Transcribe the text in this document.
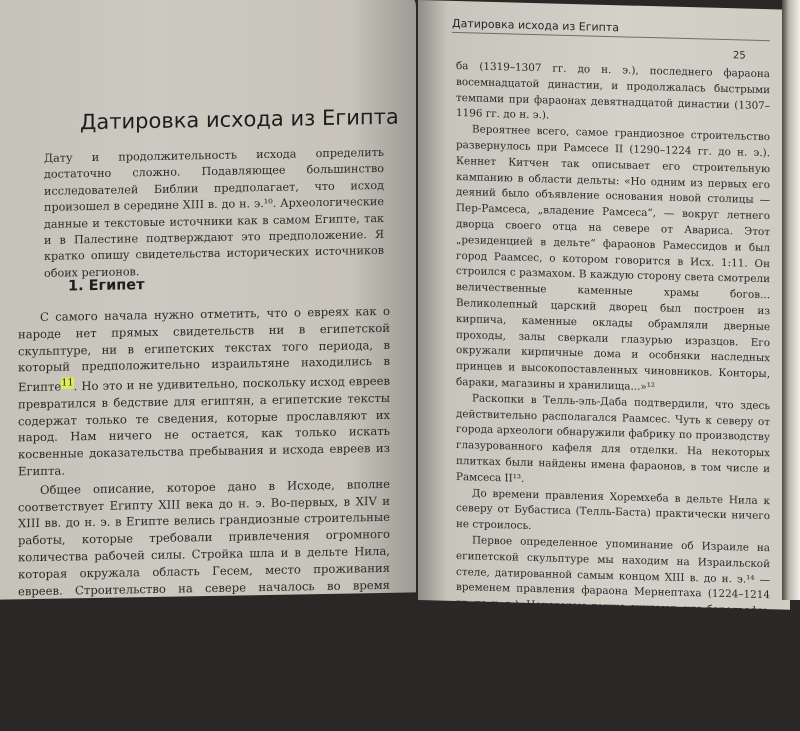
Датировка исхода из Египта

Дату и продолжительность исхода определить достаточно сложно. Подавляющее большинство исследователей Библии предполагает, что исход произошел в середине XIII в. до н. э.¹⁰. Археологические данные и текстовые источники как в самом Египте, так и в Палестине подтверждают это предположение. Я кратко опишу свидетельства исторических источников обоих регионов.

1. Египет

С самого начала нужно отметить, что о евреях как о народе нет прямых свидетельств ни в египетской скульптуре, ни в египетских текстах того периода, в который предположительно израильтяне находились в Египте$^{11}$. Но это и не удивительно, поскольку исход евреев превратился в бедствие для египтян, а египетские тексты содержат только те сведения, которые прославляют их народ. Нам ничего не остается, как только искать косвенные доказательства пребывания и исхода евреев из Египта.

Общее описание, которое дано в Исходе, вполне соответствует Египту XIII века до н. э. Во-первых, в XIV и XIII вв. до н. э. в Египте велись грандиозные строительные работы, которые требовали привлечения огромного количества рабочей силы. Стройка шла и в дельте Нила, которая окружала область Гесем, место проживания евреев. Строительство на севере началось во время правления Хоремхе-

Датировка исхода из Египта
25

ба (1319–1307 гг. до н. э.), последнего фараона восемнадцатой династии, и продолжалась быстрыми темпами при фараонах девятнадцатой династии (1307–1196 гг. до н. э.).

Вероятнее всего, самое грандиозное строительство развернулось при Рамсесе II (1290–1224 гг. до н. э.). Кеннет Китчен так описывает его строительную кампанию в области дельты: «Но одним из первых его деяний было объявление основания новой столицы — Пер-Рамсеса, „владение Рамсеса“, — вокруг летнего дворца своего отца на севере от Авариса. Этот „резиденцией в дельте“ фараонов Рамессидов и был город Раамсес, о котором говорится в Исх. 1:11. Он строился с размахом. В каждую сторону света смотрели величественные каменные храмы богов... Великолепный царский дворец был построен из кирпича, каменные оклады обрамляли дверные проходы, залы сверкали глазурью изразцов. Его окружали кирпичные дома и особняки наследных принцев и высокопоставленных чиновников. Конторы, бараки, магазины и хранилища...»¹²

Раскопки в Телль-эль-Даба подтвердили, что здесь действительно располагался Раамсес. Чуть к северу от города археологи обнаружили фабрику по производству глазурованного кафеля для отделки. На некоторых плитках были найдены имена фараонов, в том числе и Рамсеса II¹³.

До времени правления Хоремхеба в дельте Нила к северу от Бубастиса (Телль-Баста) практически ничего не строилось.

Первое определенное упоминание об Израиле на египетской скульптуре мы находим на Израильской стеле, датированной самым концом XIII в. до н. э.¹⁴ — временем правления фараона Мернептаха (1224–1214 гг. до н. э.). Некоторые также считают, что барельефы, найденные в Карнаке, возможно, изображают поражение израильтян, которое им нанес Мернептах во время своего военного похода в Ханаан¹⁵.

Кроме того, как замечает Сарна, «...начиная с 1550 г. до н. э. в течение последующих нескольких сотен лет могущественные египетские фараоны правили в Ханаане же-
